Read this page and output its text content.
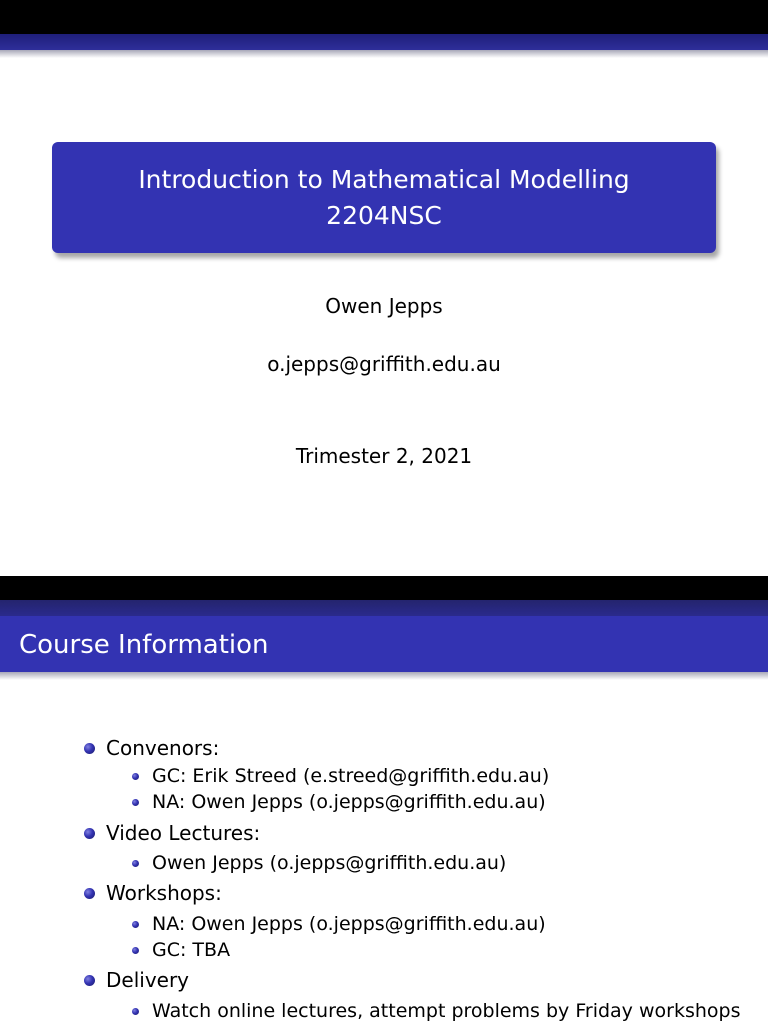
Introduction to Mathematical Modelling
2204NSC
Owen Jepps
o.jepps@griffith.edu.au
Trimester 2, 2021
Course Information
Convenors:
GC: Erik Streed (e.streed@griffith.edu.au)
NA: Owen Jepps (o.jepps@griffith.edu.au)
Video Lectures:
Owen Jepps (o.jepps@griffith.edu.au)
Workshops:
NA: Owen Jepps (o.jepps@griffith.edu.au)
GC: TBA
Delivery
Watch online lectures, attempt problems by Friday workshops
